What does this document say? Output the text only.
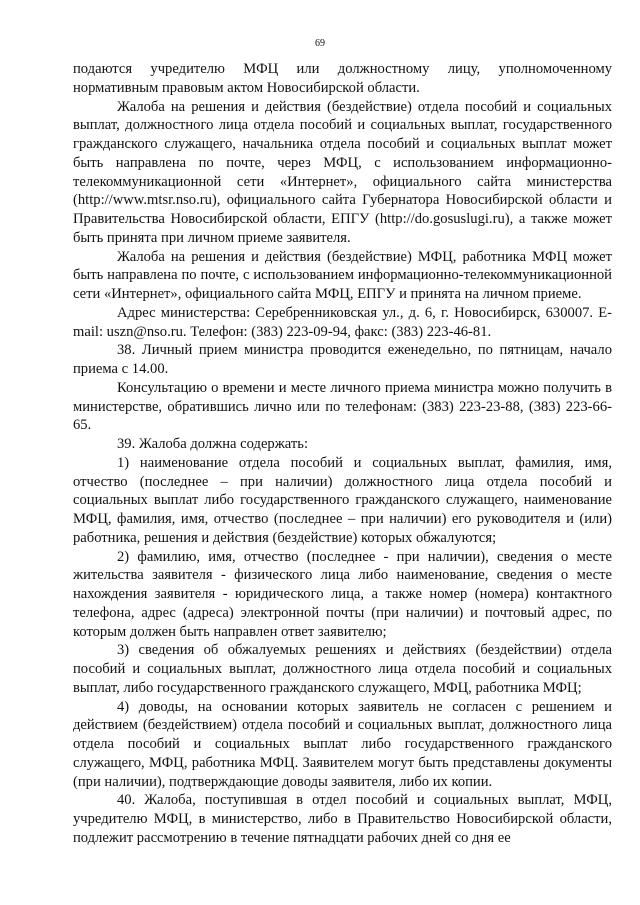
69

подаются учредителю МФЦ или должностному лицу, уполномоченному нормативным правовым актом Новосибирской области.

Жалоба на решения и действия (бездействие) отдела пособий и социальных выплат, должностного лица отдела пособий и социальных выплат, государственного гражданского служащего, начальника отдела пособий и социальных выплат может быть направлена по почте, через МФЦ, с использованием информационно-телекоммуникационной сети «Интернет», официального сайта министерства (http://www.mtsr.nso.ru), официального сайта Губернатора Новосибирской области и Правительства Новосибирской области, ЕПГУ (http://do.gosuslugi.ru), а также может быть принята при личном приеме заявителя.

Жалоба на решения и действия (бездействие) МФЦ, работника МФЦ может быть направлена по почте, с использованием информационно-телекоммуникационной сети «Интернет», официального сайта МФЦ, ЕПГУ и принята на личном приеме.

Адрес министерства: Серебренниковская ул., д. 6, г. Новосибирск, 630007. E-mail: uszn@nso.ru. Телефон: (383) 223-09-94, факс: (383) 223-46-81.

38. Личный прием министра проводится еженедельно, по пятницам, начало приема с 14.00.

Консультацию о времени и месте личного приема министра можно получить в министерстве, обратившись лично или по телефонам: (383) 223-23-88, (383) 223-66-65.

39. Жалоба должна содержать:

1) наименование отдела пособий и социальных выплат, фамилия, имя, отчество (последнее – при наличии) должностного лица отдела пособий и социальных выплат либо государственного гражданского служащего, наименование МФЦ, фамилия, имя, отчество (последнее – при наличии) его руководителя и (или) работника, решения и действия (бездействие) которых обжалуются;

2) фамилию, имя, отчество (последнее - при наличии), сведения о месте жительства заявителя - физического лица либо наименование, сведения о месте нахождения заявителя - юридического лица, а также номер (номера) контактного телефона, адрес (адреса) электронной почты (при наличии) и почтовый адрес, по которым должен быть направлен ответ заявителю;

3) сведения об обжалуемых решениях и действиях (бездействии) отдела пособий и социальных выплат, должностного лица отдела пособий и социальных выплат, либо государственного гражданского служащего, МФЦ, работника МФЦ;

4) доводы, на основании которых заявитель не согласен с решением и действием (бездействием) отдела пособий и социальных выплат, должностного лица отдела пособий и социальных выплат либо государственного гражданского служащего, МФЦ, работника МФЦ. Заявителем могут быть представлены документы (при наличии), подтверждающие доводы заявителя, либо их копии.

40. Жалоба, поступившая в отдел пособий и социальных выплат, МФЦ, учредителю МФЦ, в министерство, либо в Правительство Новосибирской области, подлежит рассмотрению в течение пятнадцати рабочих дней со дня ее
